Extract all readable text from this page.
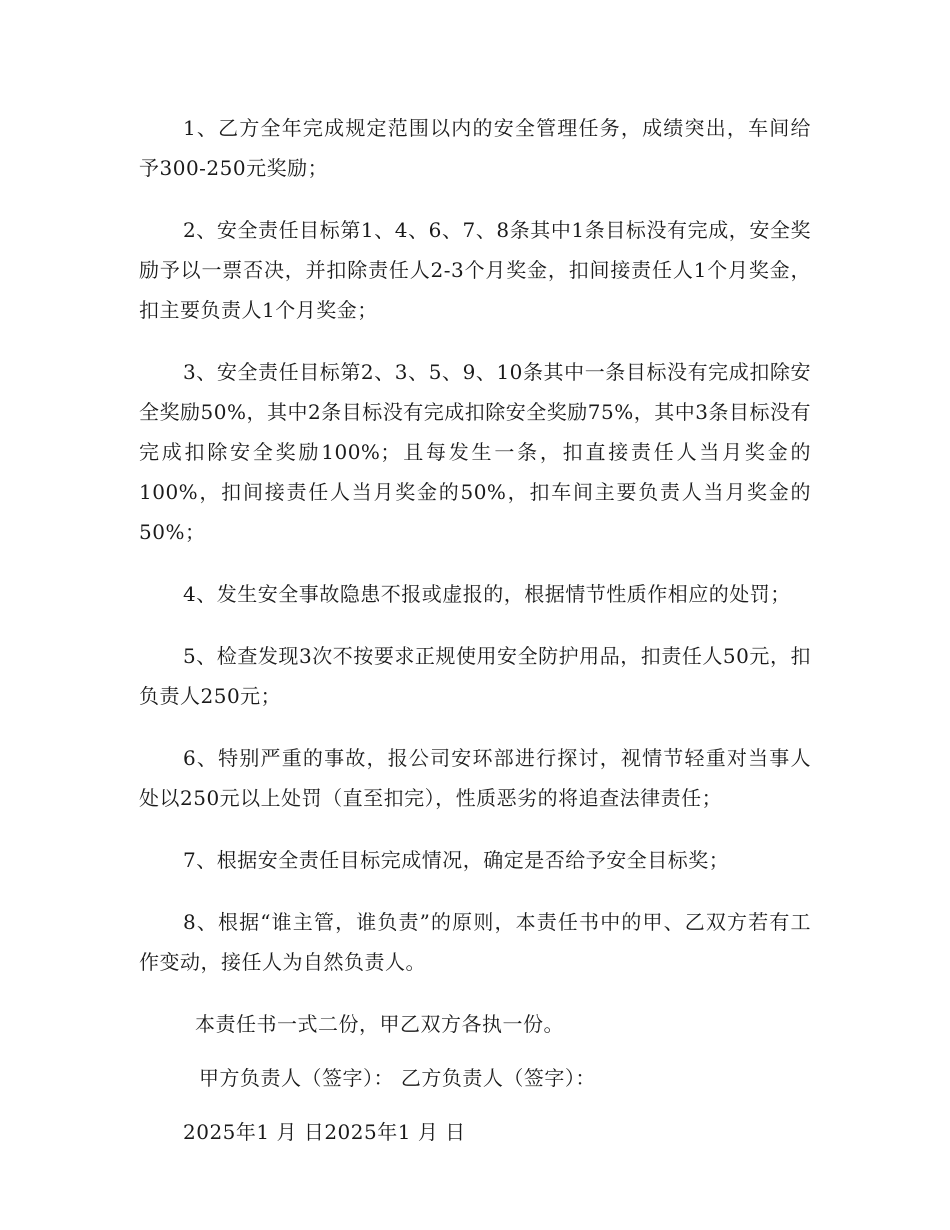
1、乙方全年完成规定范围以内的安全管理任务，成绩突出，车间给予300-250元奖励；

2、安全责任目标第1、4、6、7、8条其中1条目标没有完成，安全奖励予以一票否决，并扣除责任人2-3个月奖金，扣间接责任人1个月奖金，扣主要负责人1个月奖金；

3、安全责任目标第2、3、5、9、10条其中一条目标没有完成扣除安全奖励50%，其中2条目标没有完成扣除安全奖励75%，其中3条目标没有完成扣除安全奖励100%；且每发生一条，扣直接责任人当月奖金的100%，扣间接责任人当月奖金的50%，扣车间主要负责人当月奖金的50%；

4、发生安全事故隐患不报或虚报的，根据情节性质作相应的处罚；

5、检查发现3次不按要求正规使用安全防护用品，扣责任人50元，扣负责人250元；

6、特别严重的事故，报公司安环部进行探讨，视情节轻重对当事人处以250元以上处罚（直至扣完），性质恶劣的将追查法律责任；

7、根据安全责任目标完成情况，确定是否给予安全目标奖；

8、根据“谁主管，谁负责”的原则，本责任书中的甲、乙双方若有工作变动，接任人为自然负责人。

本责任书一式二份，甲乙双方各执一份。

甲方负责人（签字）： 乙方负责人（签字）：

2025年1 月 日2025年1 月 日
